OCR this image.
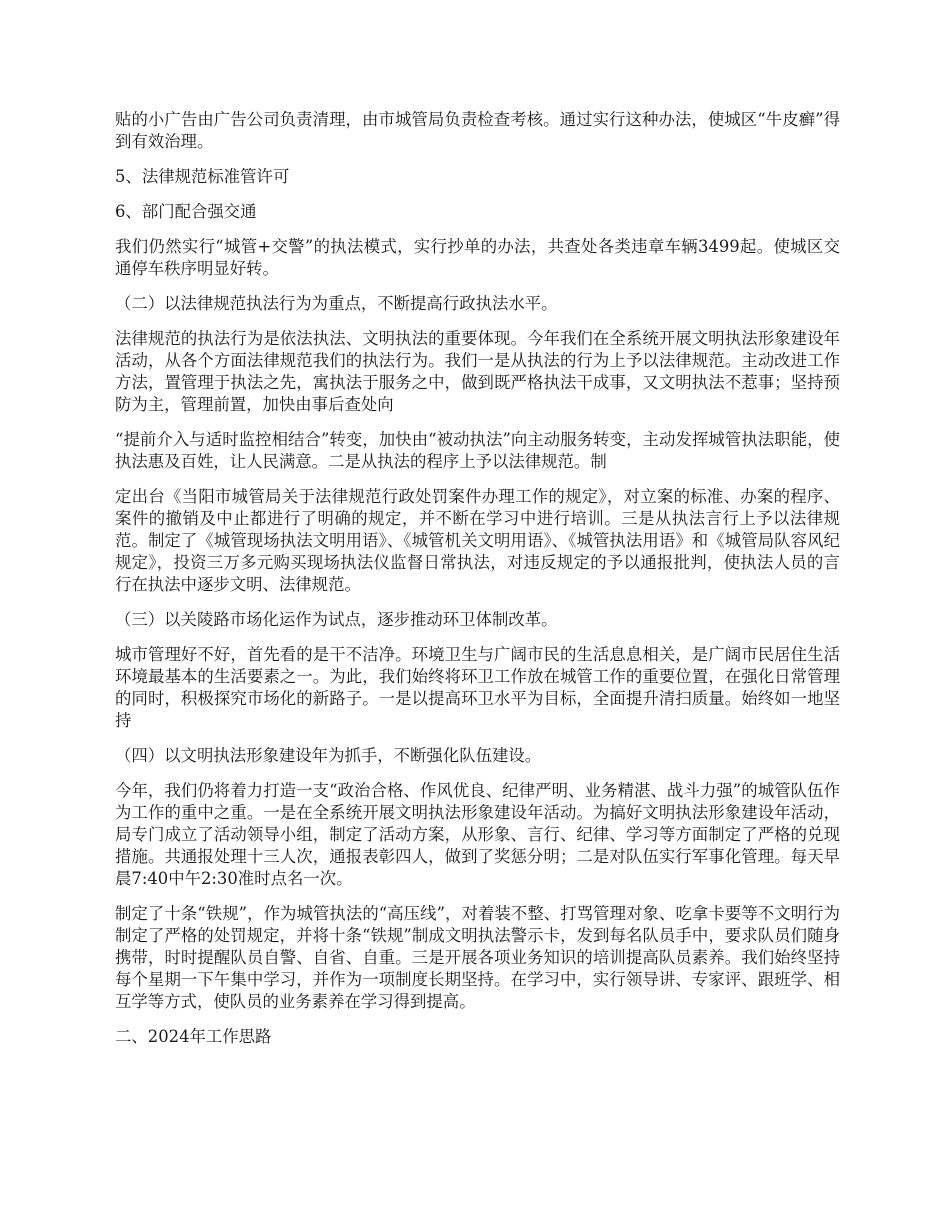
贴的小广告由广告公司负责清理，由市城管局负责检查考核。通过实行这种办法，使城区“牛皮癣”得到有效治理。

5、法律规范标准管许可

6、部门配合强交通

我们仍然实行“城管+交警”的执法模式，实行抄单的办法，共查处各类违章车辆3499起。使城区交通停车秩序明显好转。

（二）以法律规范执法行为为重点，不断提高行政执法水平。

法律规范的执法行为是依法执法、文明执法的重要体现。今年我们在全系统开展文明执法形象建设年活动，从各个方面法律规范我们的执法行为。我们一是从执法的行为上予以法律规范。主动改进工作方法，置管理于执法之先，寓执法于服务之中，做到既严格执法干成事，又文明执法不惹事；坚持预防为主，管理前置，加快由事后查处向

“提前介入与适时监控相结合”转变，加快由“被动执法”向主动服务转变，主动发挥城管执法职能，使执法惠及百姓，让人民满意。二是从执法的程序上予以法律规范。制

定出台《当阳市城管局关于法律规范行政处罚案件办理工作的规定》，对立案的标准、办案的程序、案件的撤销及中止都进行了明确的规定，并不断在学习中进行培训。三是从执法言行上予以法律规范。制定了《城管现场执法文明用语》、《城管机关文明用语》、《城管执法用语》和《城管局队容风纪规定》，投资三万多元购买现场执法仪监督日常执法，对违反规定的予以通报批判，使执法人员的言行在执法中逐步文明、法律规范。

（三）以关陵路市场化运作为试点，逐步推动环卫体制改革。

城市管理好不好，首先看的是干不洁净。环境卫生与广阔市民的生活息息相关，是广阔市民居住生活环境最基本的生活要素之一。为此，我们始终将环卫工作放在城管工作的重要位置，在强化日常管理的同时，积极探究市场化的新路子。一是以提高环卫水平为目标，全面提升清扫质量。始终如一地坚持

（四）以文明执法形象建设年为抓手，不断强化队伍建设。

今年，我们仍将着力打造一支“政治合格、作风优良、纪律严明、业务精湛、战斗力强”的城管队伍作为工作的重中之重。一是在全系统开展文明执法形象建设年活动。为搞好文明执法形象建设年活动，局专门成立了活动领导小组，制定了活动方案，从形象、言行、纪律、学习等方面制定了严格的兑现措施。共通报处理十三人次，通报表彰四人，做到了奖惩分明；二是对队伍实行军事化管理。每天早晨7:40中午2:30准时点名一次。

制定了十条“铁规”，作为城管执法的“高压线”，对着装不整、打骂管理对象、吃拿卡要等不文明行为制定了严格的处罚规定，并将十条“铁规”制成文明执法警示卡，发到每名队员手中，要求队员们随身携带，时时提醒队员自警、自省、自重。三是开展各项业务知识的培训提高队员素养。我们始终坚持每个星期一下午集中学习，并作为一项制度长期坚持。在学习中，实行领导讲、专家评、跟班学、相互学等方式，使队员的业务素养在学习得到提高。

二、2024年工作思路
